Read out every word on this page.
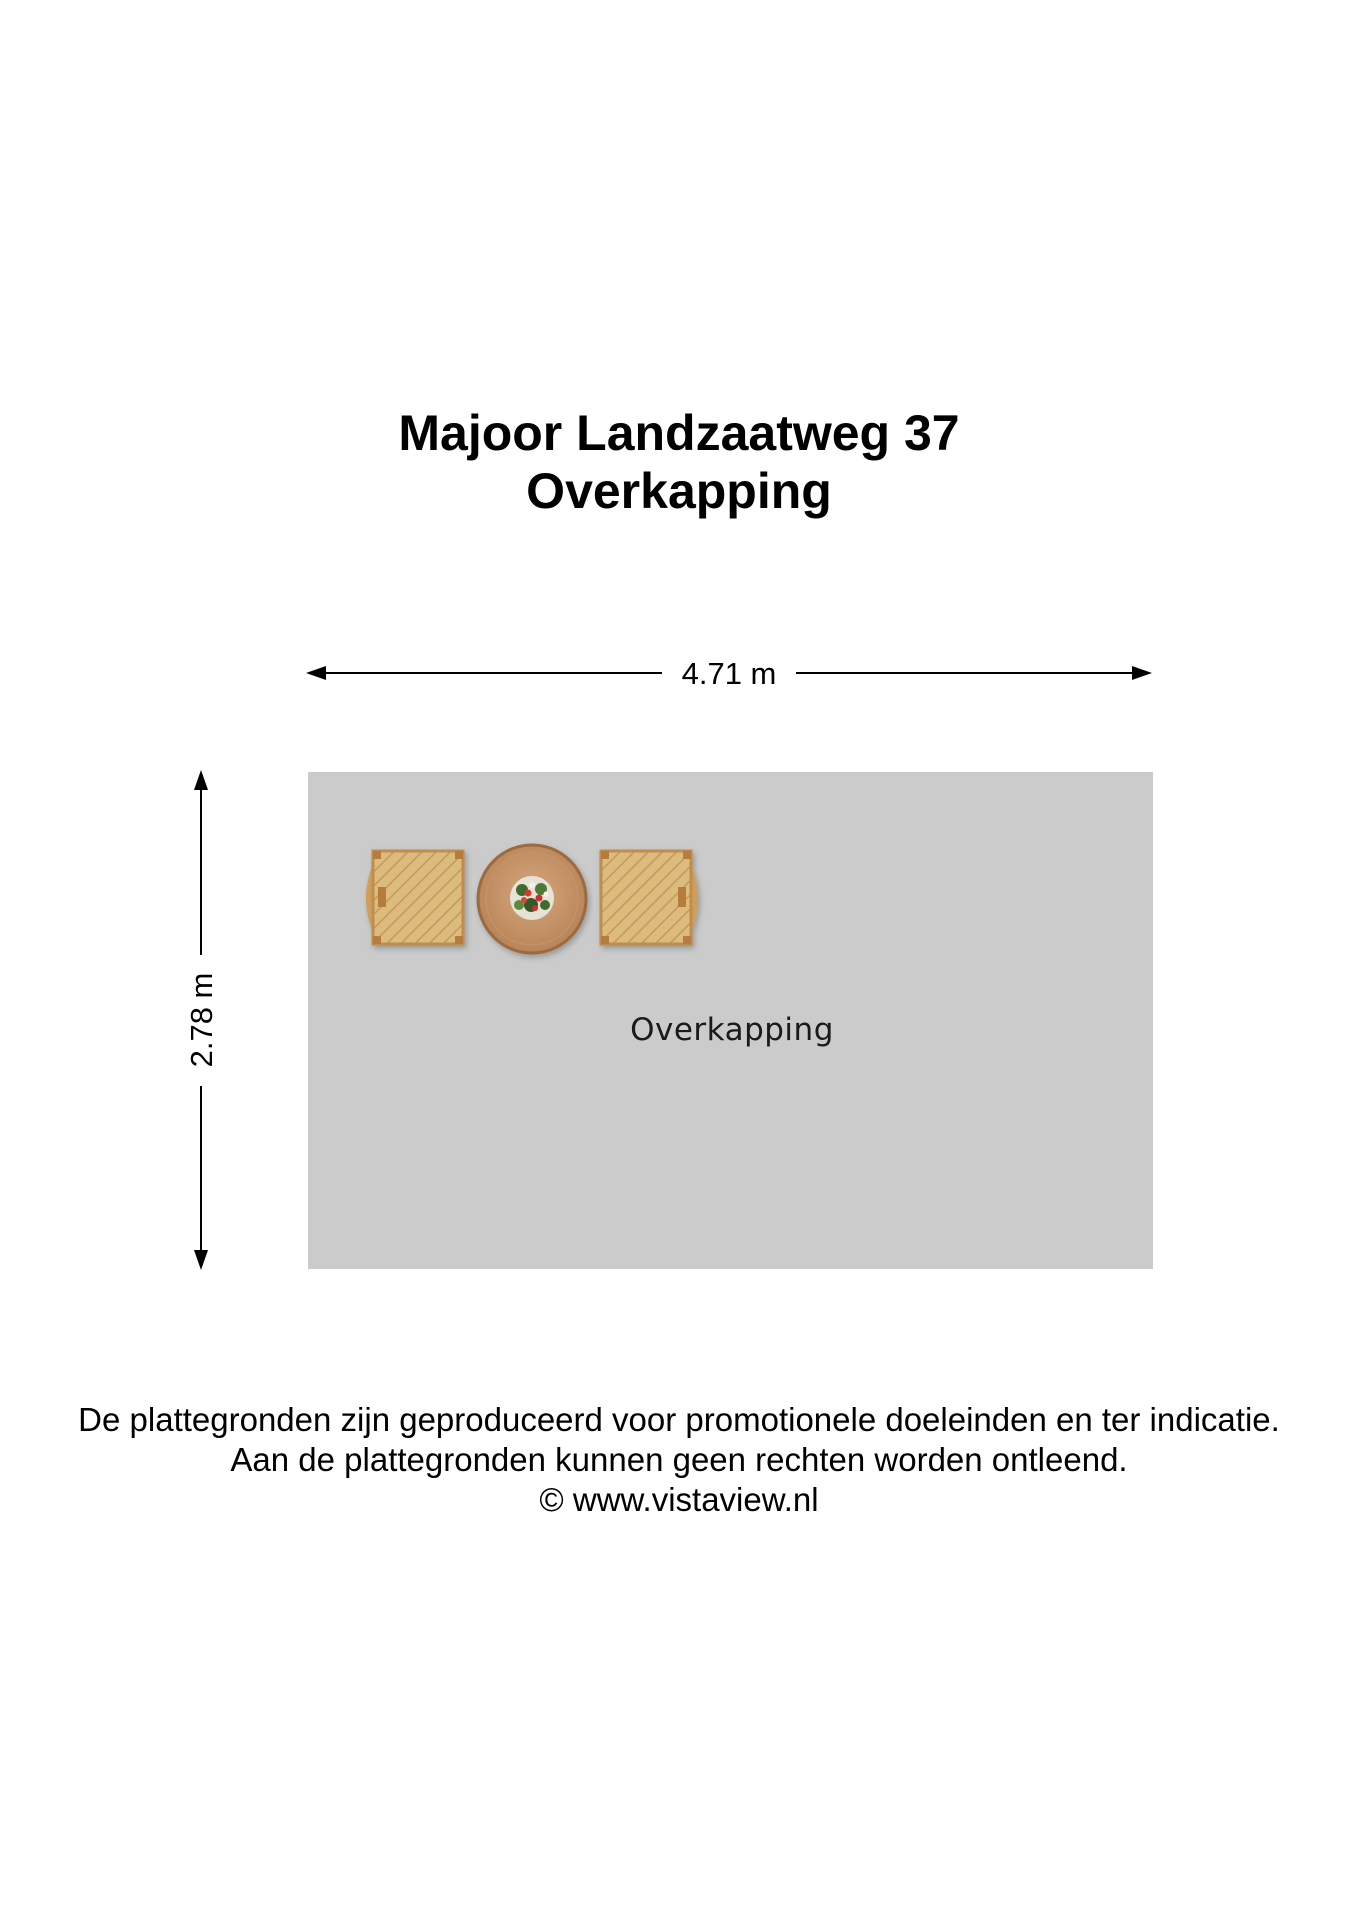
Majoor Landzaatweg 37
Overkapping
4.71 m
2.78 m	Overkapping
De plattegronden zijn geproduceerd voor promotionele doeleinden en ter indicatie.
Aan de plattegronden kunnen geen rechten worden ontleend.
© www.vistaview.nl
